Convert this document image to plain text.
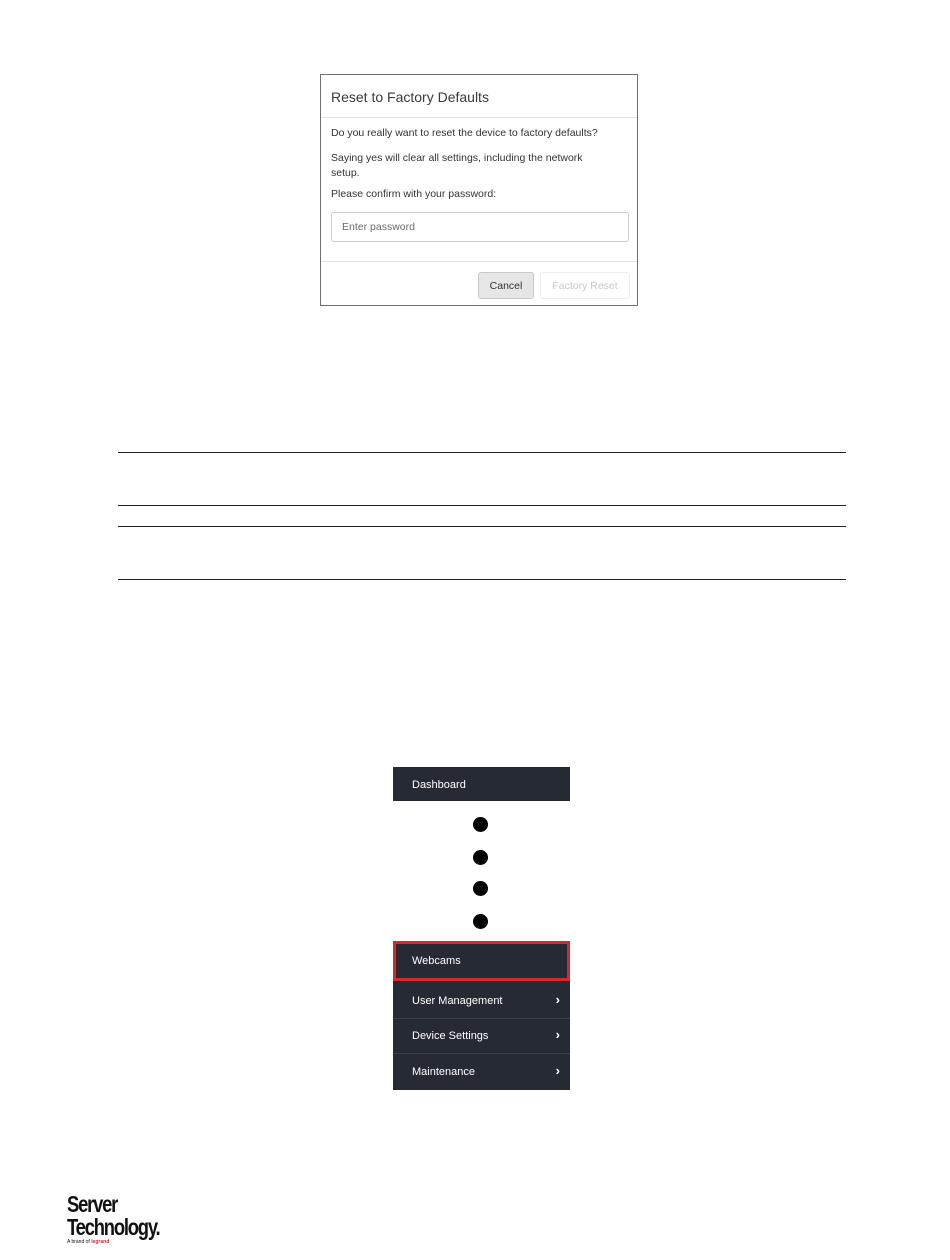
Reset to Factory Defaults

Do you really want to reset the device to factory defaults?

Saying yes will clear all settings, including the network setup.

Please confirm with your password:

Cancel	Factory Reset
Dashboard
Webcams
User Management	›
Device Settings	›
Maintenance	›
Server
Technology.
A brand of legrand
